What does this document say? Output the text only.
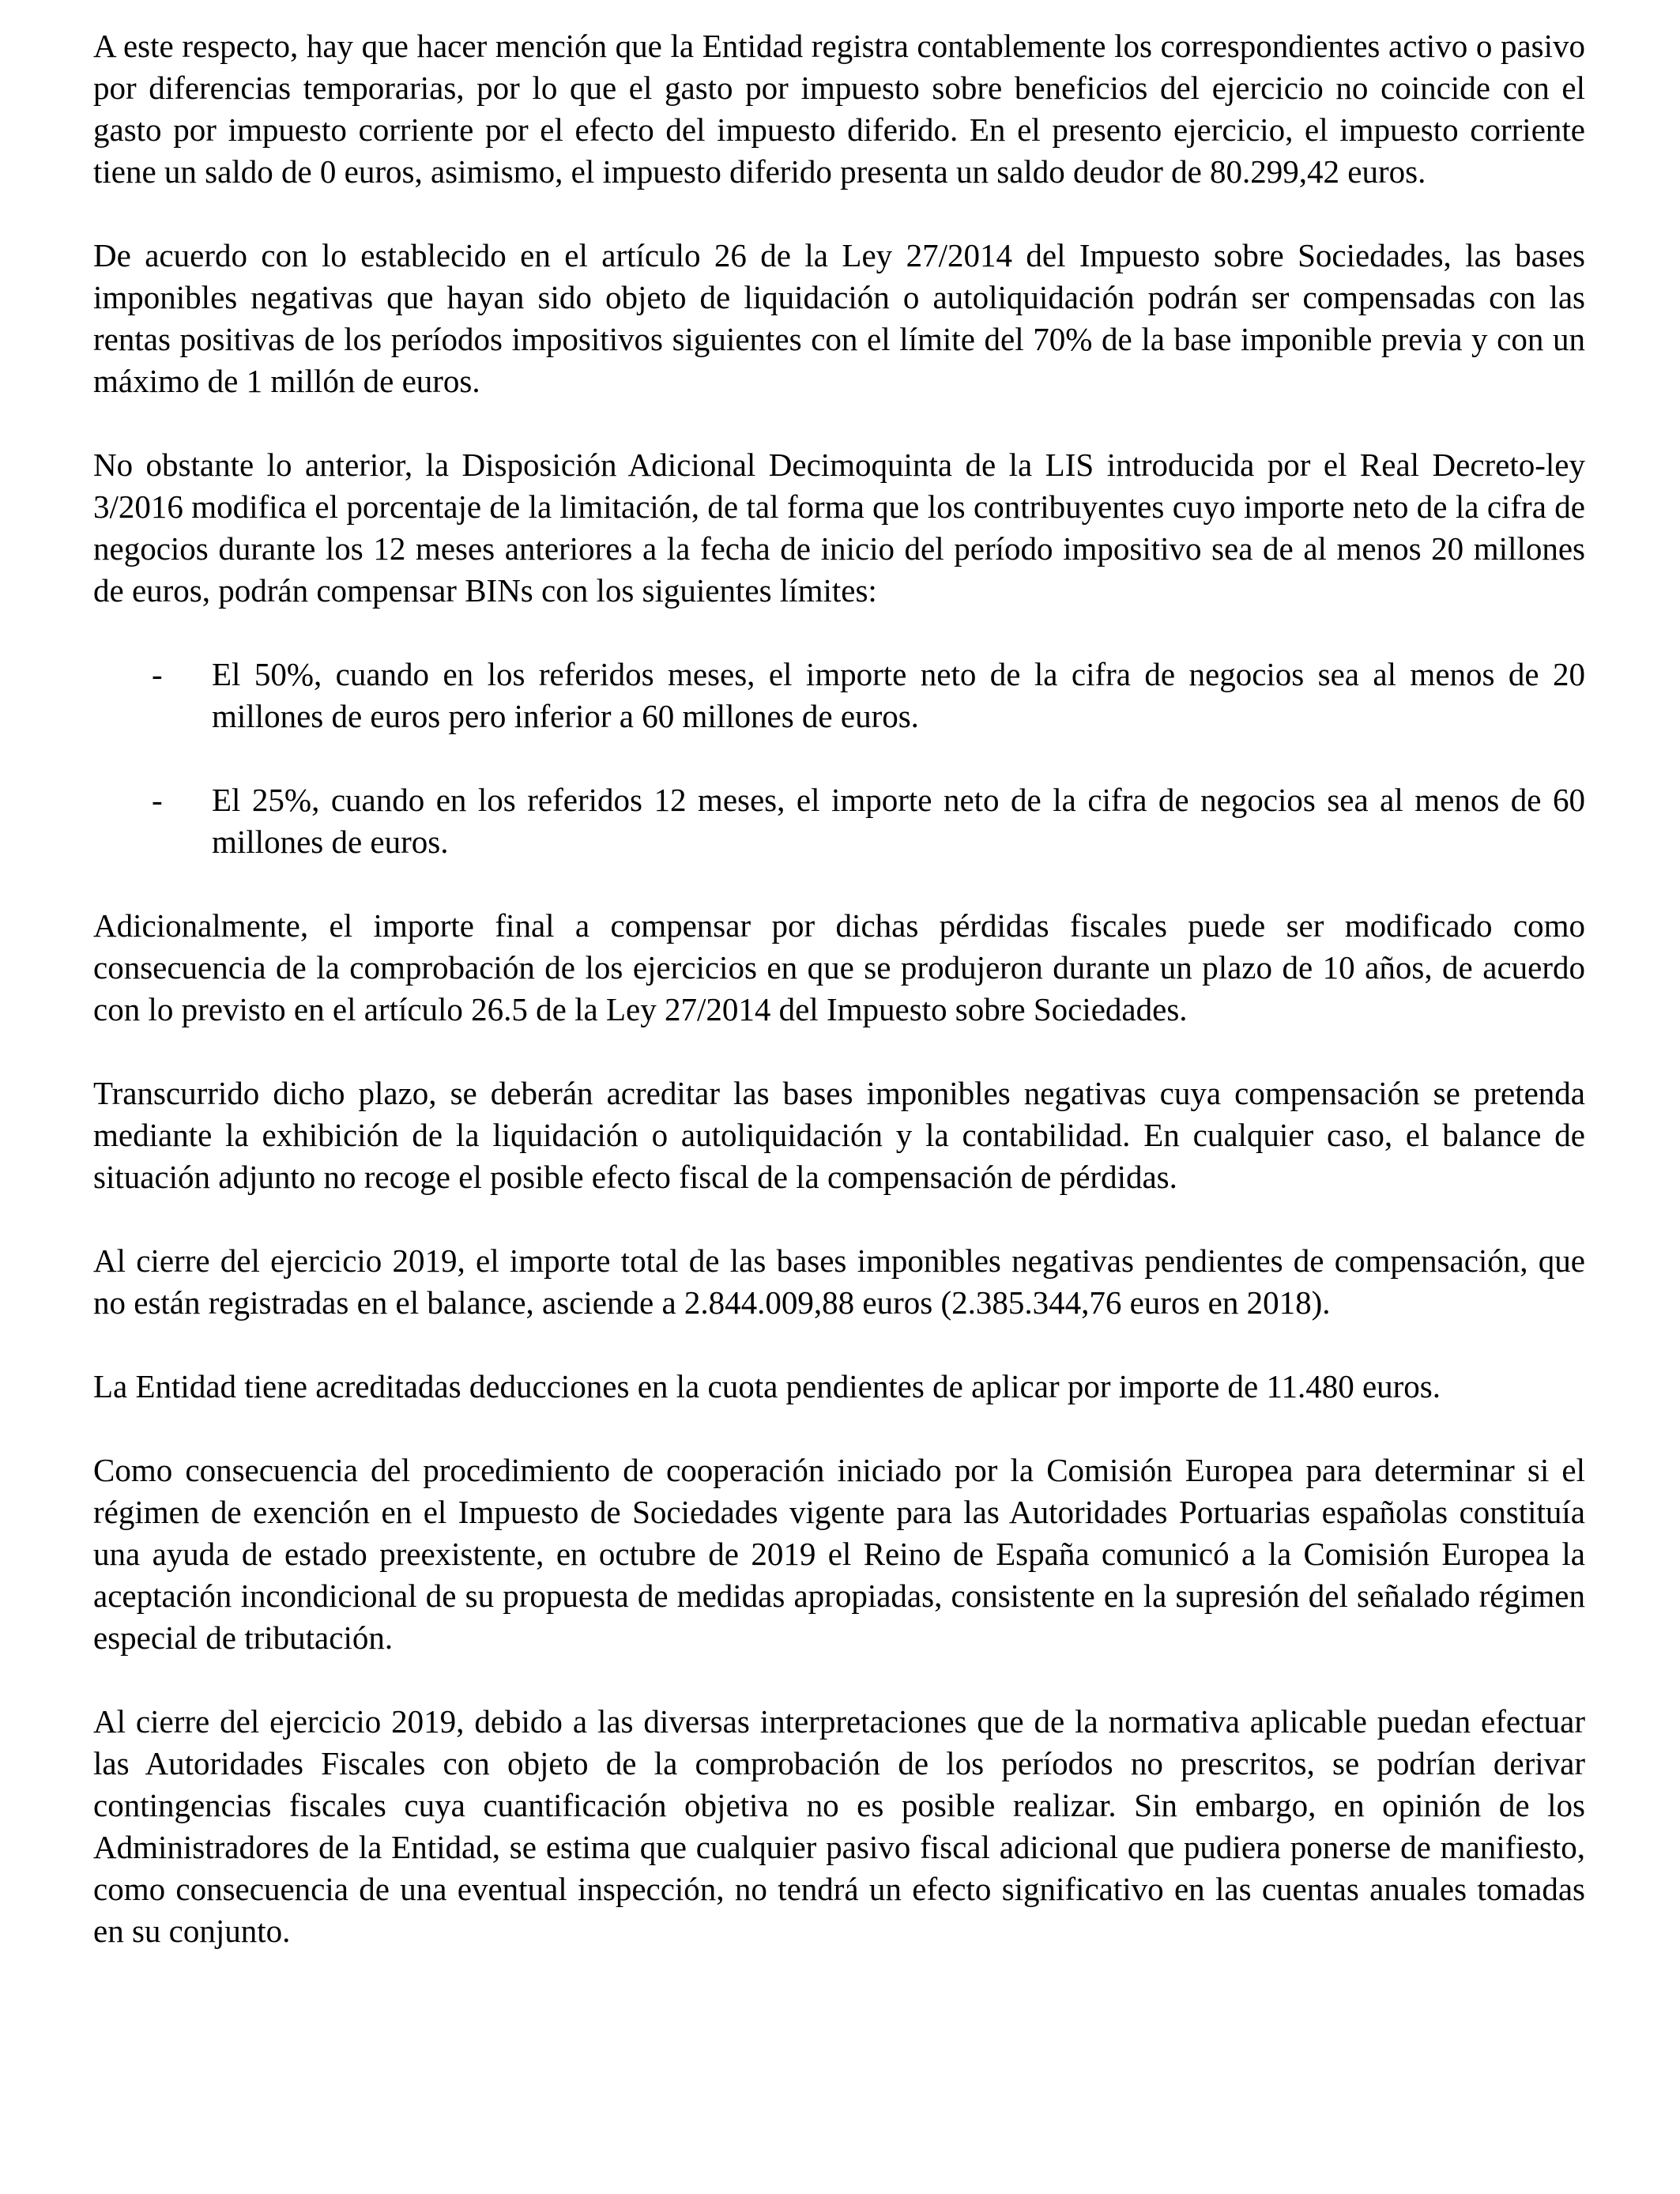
A este respecto, hay que hacer mención que la Entidad registra contablemente los correspondientes activo o pasivo por diferencias temporarias, por lo que el gasto por impuesto sobre beneficios del ejercicio no coincide con el gasto por impuesto corriente por el efecto del impuesto diferido. En el presento ejercicio, el impuesto corriente tiene un saldo de 0 euros, asimismo, el impuesto diferido presenta un saldo deudor de 80.299,42 euros.

De acuerdo con lo establecido en el artículo 26 de la Ley 27/2014 del Impuesto sobre Sociedades, las bases imponibles negativas que hayan sido objeto de liquidación o autoliquidación podrán ser compensadas con las rentas positivas de los períodos impositivos siguientes con el límite del 70% de la base imponible previa y con un máximo de 1 millón de euros.

No obstante lo anterior, la Disposición Adicional Decimoquinta de la LIS introducida por el Real Decreto-ley 3/2016 modifica el porcentaje de la limitación, de tal forma que los contribuyentes cuyo importe neto de la cifra de negocios durante los 12 meses anteriores a la fecha de inicio del período impositivo sea de al menos 20 millones de euros, podrán compensar BINs con los siguientes límites:

- El 50%, cuando en los referidos meses, el importe neto de la cifra de negocios sea al menos de 20 millones de euros pero inferior a 60 millones de euros.
- El 25%, cuando en los referidos 12 meses, el importe neto de la cifra de negocios sea al menos de 60 millones de euros.

Adicionalmente, el importe final a compensar por dichas pérdidas fiscales puede ser modificado como consecuencia de la comprobación de los ejercicios en que se produjeron durante un plazo de 10 años, de acuerdo con lo previsto en el artículo 26.5 de la Ley 27/2014 del Impuesto sobre Sociedades.

Transcurrido dicho plazo, se deberán acreditar las bases imponibles negativas cuya compensación se pretenda mediante la exhibición de la liquidación o autoliquidación y la contabilidad. En cualquier caso, el balance de situación adjunto no recoge el posible efecto fiscal de la compensación de pérdidas.

Al cierre del ejercicio 2019, el importe total de las bases imponibles negativas pendientes de compensación, que no están registradas en el balance, asciende a 2.844.009,88 euros (2.385.344,76 euros en 2018).

La Entidad tiene acreditadas deducciones en la cuota pendientes de aplicar por importe de 11.480 euros.

Como consecuencia del procedimiento de cooperación iniciado por la Comisión Europea para determinar si el régimen de exención en el Impuesto de Sociedades vigente para las Autoridades Portuarias españolas constituía una ayuda de estado preexistente, en octubre de 2019 el Reino de España comunicó a la Comisión Europea la aceptación incondicional de su propuesta de medidas apropiadas, consistente en la supresión del señalado régimen especial de tributación.

Al cierre del ejercicio 2019, debido a las diversas interpretaciones que de la normativa aplicable puedan efectuar las Autoridades Fiscales con objeto de la comprobación de los períodos no prescritos, se podrían derivar contingencias fiscales cuya cuantificación objetiva no es posible realizar. Sin embargo, en opinión de los Administradores de la Entidad, se estima que cualquier pasivo fiscal adicional que pudiera ponerse de manifiesto, como consecuencia de una eventual inspección, no tendrá un efecto significativo en las cuentas anuales tomadas en su conjunto.
